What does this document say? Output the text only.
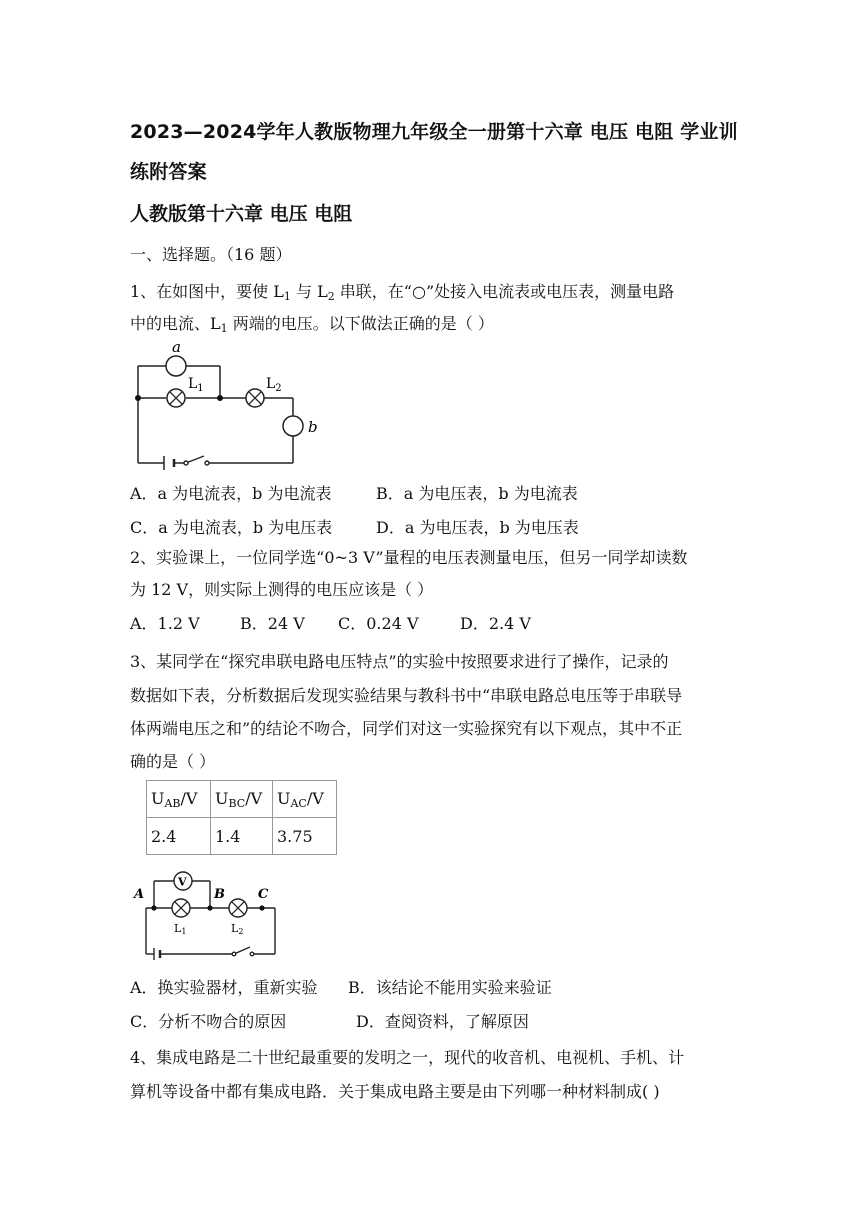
2023—2024学年人教版物理九年级全一册第十六章 电压 电阻 学业训练附答案
人教版第十六章 电压 电阻
一、选择题。（16 题）
1、在如图中，要使 $L_1$ 与 $L_2$ 串联，在“○”处接入电流表或电压表，测量电路
中的电流、$L_1$ 两端的电压。以下做法正确的是（ ）
a
$L_1$	$L_2$
b
A．a 为电流表，b 为电流表	B．a 为电压表，b 为电流表
C．a 为电流表，b 为电压表	D．a 为电压表，b 为电压表
2、实验课上，一位同学选“0~3 V”量程的电压表测量电压，但另一同学却读数
为 12 V，则实际上测得的电压应该是（ ）
A．1.2 V	B．24 V	C．0.24 V	D．2.4 V
3、某同学在“探究串联电路电压特点”的实验中按照要求进行了操作，记录的
数据如下表，分析数据后发现实验结果与教科书中“串联电路总电压等于串联导
体两端电压之和”的结论不吻合，同学们对这一实验探究有以下观点，其中不正
确的是（ ）
$U_{AB}/V$	$U_{BC}/V$	$U_{AC}/V$
2.4	1.4	3.75
V
L1	L2
A	B	C
A．换实验器材，重新实验	B．该结论不能用实验来验证
C．分析不吻合的原因	D．查阅资料，了解原因
4、集成电路是二十世纪最重要的发明之一，现代的收音机、电视机、手机、计
算机等设备中都有集成电路．关于集成电路主要是由下列哪一种材料制成( )
